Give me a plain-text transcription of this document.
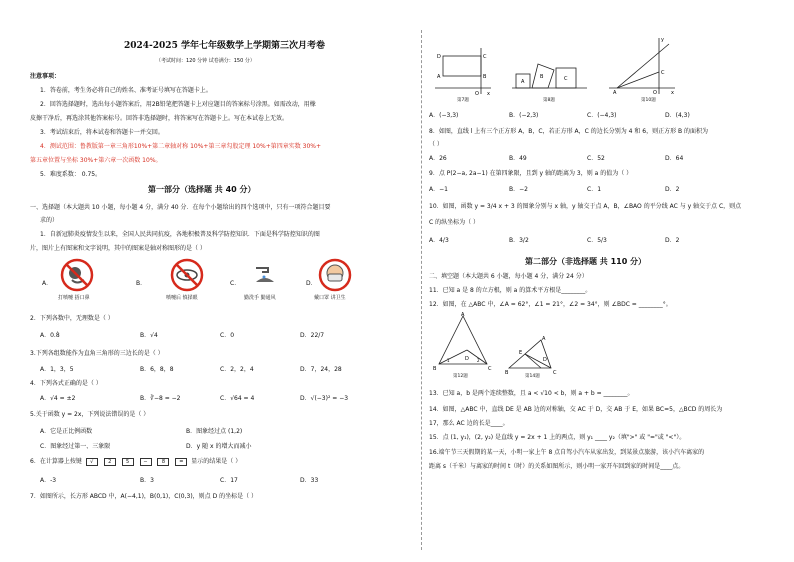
2024-2025 学年七年级数学上学期第三次月考卷
（考试时间：120 分钟 试卷满分：150 分）
注意事项：
1．答卷前，考生务必将自己的姓名、准考证号填写在答题卡上。
2．回答选择题时，选出每小题答案后，用2B铅笔把答题卡上对应题目的答案标号涂黑。如需改动，用橡
皮擦干净后，再选涂其他答案标号。回答非选择题时，将答案写在答题卡上。写在本试卷上无效。
3．考试结束后，将本试卷和答题卡一并交回。
4．测试范围：鲁教版第一章三角形10%+第二章轴对称 10%+第三章勾股定理 10%+第四章实数 30%+
第五章位置与坐标 30%+第六章一次函数 10%。
5．难度系数： 0.75。
第一部分（选择题 共 40 分）
一、选择题（本大题共 10 小题，每小题 4 分，满分 40 分．在每个小题给出的四个选项中，只有一项符合题目要
求的）
1．自新冠肺炎疫情发生以来，全国人民共同抗疫，各地积极普及科学防控知识．下面是科学防控知识的图
片，图片上有图案和文字说明，其中的图案是轴对称图形的是（ ）
A．
打喷嚏 捂口鼻
B．
喷嚏后 慎揉眼
C．
勤洗手 勤通风
D．
戴口罩 讲卫生
2．下列各数中，无理数是（ ）
A．0.8̇	B．√4	C．0	D．22/7
3.下列各组数能作为直角三角形的三边长的是（ ）
A．1，3，5	B．6，8，8	C．2，2，4	D．7，24，28
4．下列各式正确的是（ ）
A．√4 = ±2	B．∛−8 = −2	C．√64 = 4	D．√(−3)² = −3
5.关于函数 y = 2x，下列说法错误的是（ ）
A．它是正比例函数	B．图象经过点 (1,2)
C．图象经过第一、三象限	D．y 随 x 的增大而减小
6．在计算器上按键 √	2	5	−	8	= 显示的结果是（ ）
A．-3	B．3	C．17	D．33
7．如图所示，长方形 ABCD 中，A(−4,1)，B(0,1)，C(0,3)，则点 D 的坐标是（ ）
D	C
A	B
O x
第7题
A
B	C
第8题
y
C
x
A	O
第10题
A．(−3,3)	B．(−2,3)	C．(−4,3)	D．(4,3)
8．如图，直线 l 上有三个正方形 A，B，C，若正方形 A，C 的边长分别为 4 和 6，则正方形 B 的面积为
（ ）
A．26	B．49	C．52	D．64
9．点 P(2−a, 2a−1) 在第四象限，且到 y 轴的距离为 3，则 a 的值为（ ）
A．−1	B．−2	C．1	D．2
10．如图，函数 y = 3/4 x + 3 的图象分别与 x 轴，y 轴交于点 A，B，∠BAO 的平分线 AC 与 y 轴交于点 C，则点
C 的纵坐标为（ ）
A．4/3	B．3/2	C．5/3	D．2
第二部分（非选择题 共 110 分）
二、填空题（本大题共 6 小题，每小题 4 分，满分 24 分）
11．已知 a 是 8 的立方根，则 a 的算术平方根是________。
12．如图，在 △ABC 中，∠A = 62°，∠1 = 21°，∠2 = 34°，则 ∠BDC = ________°。
A
B	C
D
1	2
第12题
A
B	C
D
E
第14题
13．已知 a，b 是两个连续整数，且 a < √10 < b，则 a + b = ________。
14．如图，△ABC 中，直线 DE 是 AB 边的对称轴，交 AC 于 D，交 AB 于 E，如果 BC=5，△BCD 的周长为
17，那么 AC 边的长是____。
15．点 (1, y₁)，(2, y₂) 是直线 y = 2x + 1 上的两点，则 y₁ ____ y₂（填">" 或 "="或 "<"）。
16.端午节三天假期的某一天，小明一家上午 8 点自驾小汽车从家出发，到某景点旅游，该小汽车离家的
距离 s（千米）与离家的时间 t（时）的关系如图所示，则小明一家开车回到家的时间是____点。
